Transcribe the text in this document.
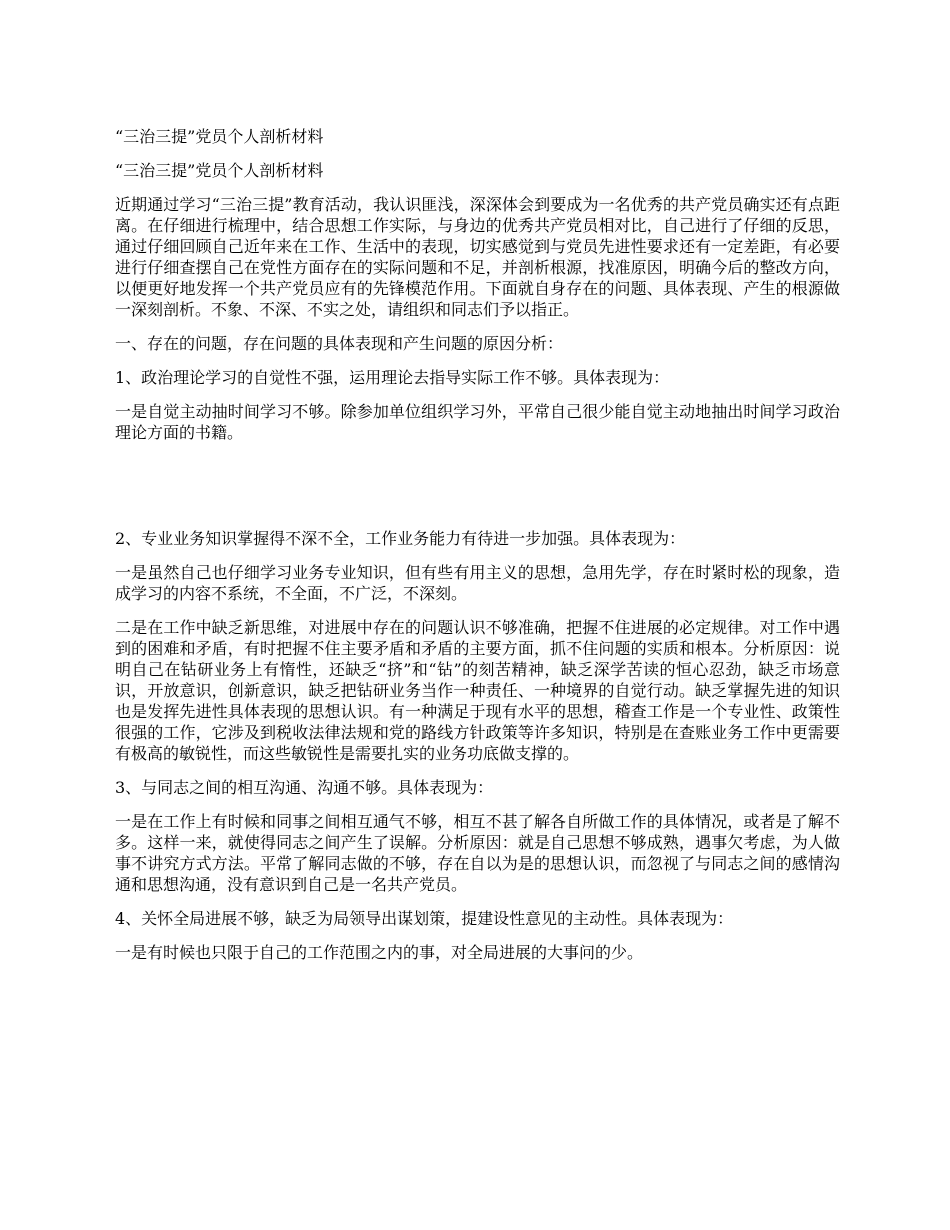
“三治三提”党员个人剖析材料

“三治三提”党员个人剖析材料

近期通过学习“三治三提”教育活动，我认识匪浅，深深体会到要成为一名优秀的共产党员确实还有点距离。在仔细进行梳理中，结合思想工作实际，与身边的优秀共产党员相对比，自己进行了仔细的反思，通过仔细回顾自己近年来在工作、生活中的表现，切实感觉到与党员先进性要求还有一定差距，有必要进行仔细查摆自己在党性方面存在的实际问题和不足，并剖析根源，找准原因，明确今后的整改方向，以便更好地发挥一个共产党员应有的先锋模范作用。下面就自身存在的问题、具体表现、产生的根源做一深刻剖析。不象、不深、不实之处，请组织和同志们予以指正。

一、存在的问题，存在问题的具体表现和产生问题的原因分析：

1、政治理论学习的自觉性不强，运用理论去指导实际工作不够。具体表现为：

一是自觉主动抽时间学习不够。除参加单位组织学习外，平常自己很少能自觉主动地抽出时间学习政治理论方面的书籍。

2、专业业务知识掌握得不深不全，工作业务能力有待进一步加强。具体表现为：

一是虽然自己也仔细学习业务专业知识，但有些有用主义的思想，急用先学，存在时紧时松的现象，造成学习的内容不系统，不全面，不广泛，不深刻。

二是在工作中缺乏新思维，对进展中存在的问题认识不够准确，把握不住进展的必定规律。对工作中遇到的困难和矛盾，有时把握不住主要矛盾和矛盾的主要方面，抓不住问题的实质和根本。分析原因：说明自己在钻研业务上有惰性，还缺乏“挤”和“钻”的刻苦精神，缺乏深学苦读的恒心忍劲，缺乏市场意识，开放意识，创新意识，缺乏把钻研业务当作一种责任、一种境界的自觉行动。缺乏掌握先进的知识也是发挥先进性具体表现的思想认识。有一种满足于现有水平的思想，稽查工作是一个专业性、政策性很强的工作，它涉及到税收法律法规和党的路线方针政策等许多知识，特别是在查账业务工作中更需要有极高的敏锐性，而这些敏锐性是需要扎实的业务功底做支撑的。

3、与同志之间的相互沟通、沟通不够。具体表现为：

一是在工作上有时候和同事之间相互通气不够，相互不甚了解各自所做工作的具体情况，或者是了解不多。这样一来，就使得同志之间产生了误解。分析原因：就是自己思想不够成熟，遇事欠考虑，为人做事不讲究方式方法。平常了解同志做的不够，存在自以为是的思想认识，而忽视了与同志之间的感情沟通和思想沟通，没有意识到自己是一名共产党员。

4、关怀全局进展不够，缺乏为局领导出谋划策，提建设性意见的主动性。具体表现为：

一是有时候也只限于自己的工作范围之内的事，对全局进展的大事问的少。
